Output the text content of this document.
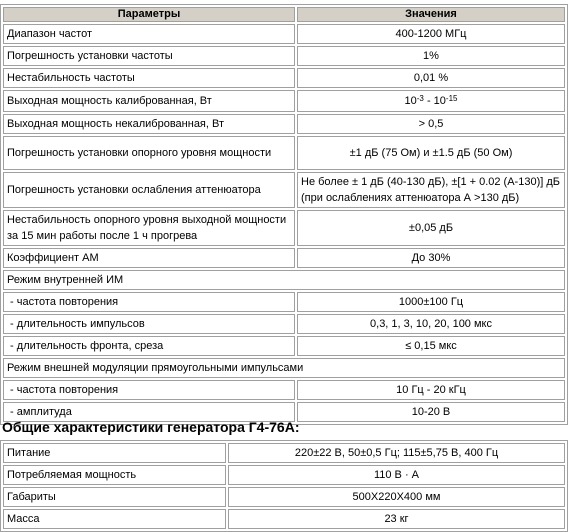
Параметры	Значения
Диапазон частот	400-1200 МГц
Погрешность установки частоты	1%
Нестабильность частоты	0,01 %
Выходная мощность калиброванная, Вт	$10^{-3} - 10^{-15}$
Выходная мощность некалиброванная, Вт	> 0,5
Погрешность установки опорного уровня мощности	±1 дБ (75 Ом) и ±1.5 дБ (50 Ом)
Погрешность установки ослабления аттенюатора	Не более ± 1 дБ (40-130 дБ), ±[1 + 0.02 (А-130)] дБ (при ослаблениях аттенюатора А >130 дБ)
Нестабильность опорного уровня выходной мощности за 15 мин работы после 1 ч прогрева	±0,05 дБ
Коэффициент АМ	До 30%
Режим внутренней ИМ	
- частота повторения	1000±100 Гц
- длительность импульсов	0,3, 1, 3, 10, 20, 100 мкс
- длительность фронта, среза	≤ 0,15 мкс
Режим внешней модуляции прямоугольными импульсами	
- частота повторения	10 Гц - 20 кГц
- амплитуда	10-20 В
Общие характеристики генератора Г4-76А:
Питание	220±22 В, 50±0,5 Гц; 115±5,75 В, 400 Гц
Потребляемая мощность	110 В · А
Габариты	500X220X400 мм
Масса	23 кг
